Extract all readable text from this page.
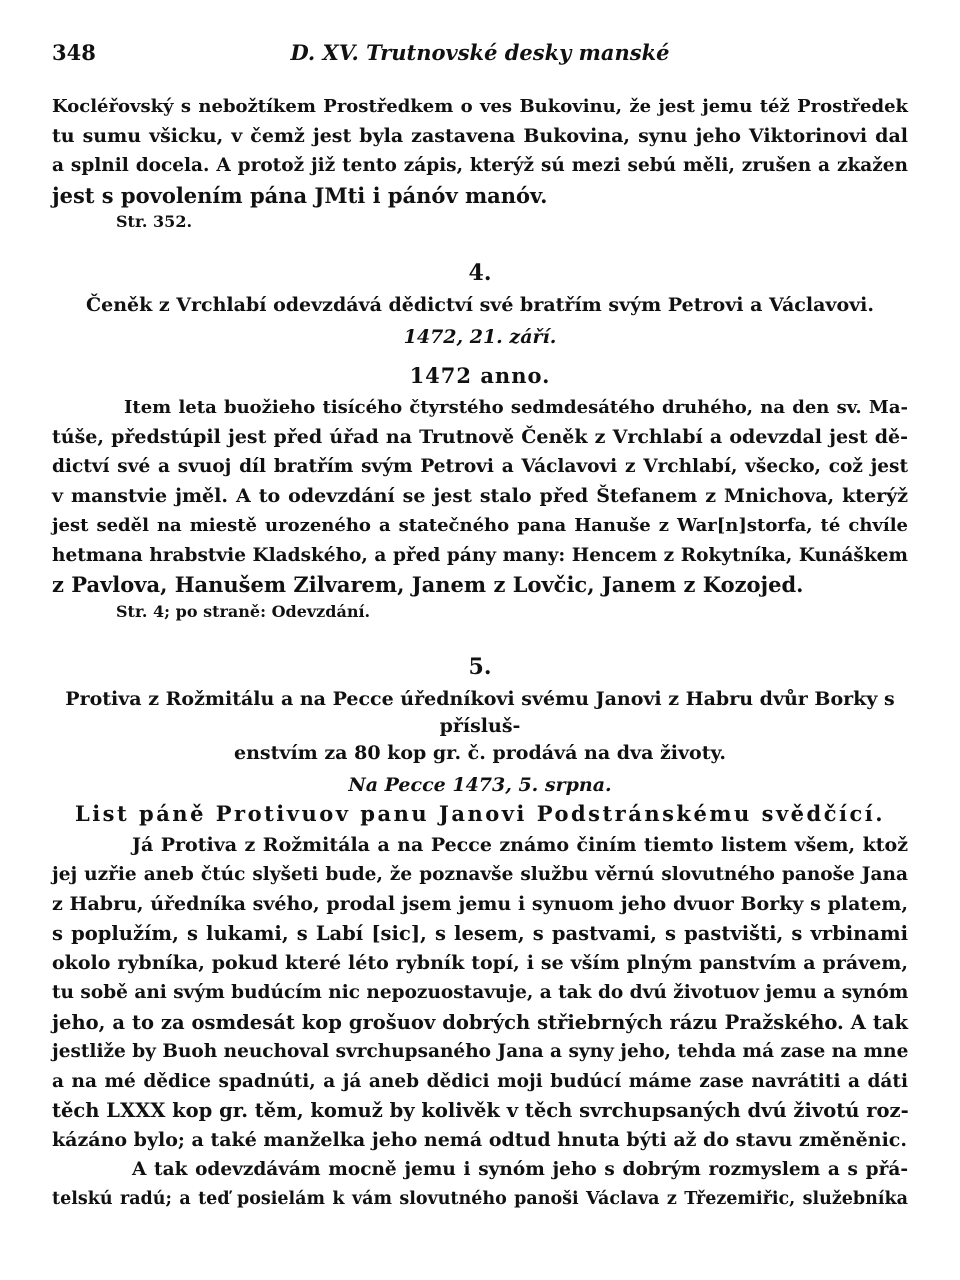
348	D. XV. Trutnovské desky manské
Kocléřovský s nebožtíkem Prostředkem o ves Bukovinu, že jest jemu též Prostředek
tu sumu všicku, v čemž jest byla zastavena Bukovina, synu jeho Viktorinovi dal
a splnil docela. A protož již tento zápis, kterýž sú mezi sebú měli, zrušen a zkažen
jest s povolením pána JMti i pánóv manóv.
Str. 352.
4.
Čeněk z Vrchlabí odevzdává dědictví své bratřím svým Petrovi a Václavovi.
1472, 21. září.
1472 anno.
Item leta buožieho tisícého čtyrstého sedmdesátého druhého, na den sv. Ma-
túše, předstúpil jest před úřad na Trutnově Čeněk z Vrchlabí a odevzdal jest dě-
dictví své a svuoj díl bratřím svým Petrovi a Václavovi z Vrchlabí, všecko, což jest
v manstvie jměl. A to odevzdání se jest stalo před Štefanem z Mnichova, kterýž
jest seděl na miestě urozeného a statečného pana Hanuše z War[n]storfa, té chvíle
hetmana hrabstvie Kladského, a před pány many: Hencem z Rokytníka, Kunáškem
z Pavlova, Hanušem Zilvarem, Janem z Lovčic, Janem z Kozojed.
Str. 4; po straně: Odevzdání.
5.
Protiva z Rožmitálu a na Pecce úředníkovi svému Janovi z Habru dvůr Borky s přísluš-
enstvím za 80 kop gr. č. prodává na dva životy.
Na Pecce 1473, 5. srpna.
List páně Protivuov panu Janovi Podstránskému svědčící.
Já Protiva z Rožmitála a na Pecce známo činím tiemto listem všem, ktož
jej uzřie aneb čtúc slyšeti bude, že poznavše službu věrnú slovutného panoše Jana
z Habru, úředníka svého, prodal jsem jemu i synuom jeho dvuor Borky s platem,
s poplužím, s lukami, s Labí [sic], s lesem, s pastvami, s pastvišti, s vrbinami
okolo rybníka, pokud které léto rybník topí, i se vším plným panstvím a právem,
tu sobě ani svým budúcím nic nepozuostavuje, a tak do dvú životuov jemu a synóm
jeho, a to za osmdesát kop grošuov dobrých střiebrných rázu Pražského. A tak
jestliže by Buoh neuchoval svrchupsaného Jana a syny jeho, tehda má zase na mne
a na mé dědice spadnúti, a já aneb dědici moji budúcí máme zase navrátiti a dáti
těch LXXX kop gr. těm, komuž by kolivěk v těch svrchupsaných dvú životú roz-
kázáno bylo; a také manželka jeho nemá odtud hnuta býti až do stavu změněnic.
A tak odevzdávám mocně jemu i synóm jeho s dobrým rozmyslem a s přá-
telskú radú; a teď posielám k vám slovutného panoši Václava z Třezemiřic, služebníka
